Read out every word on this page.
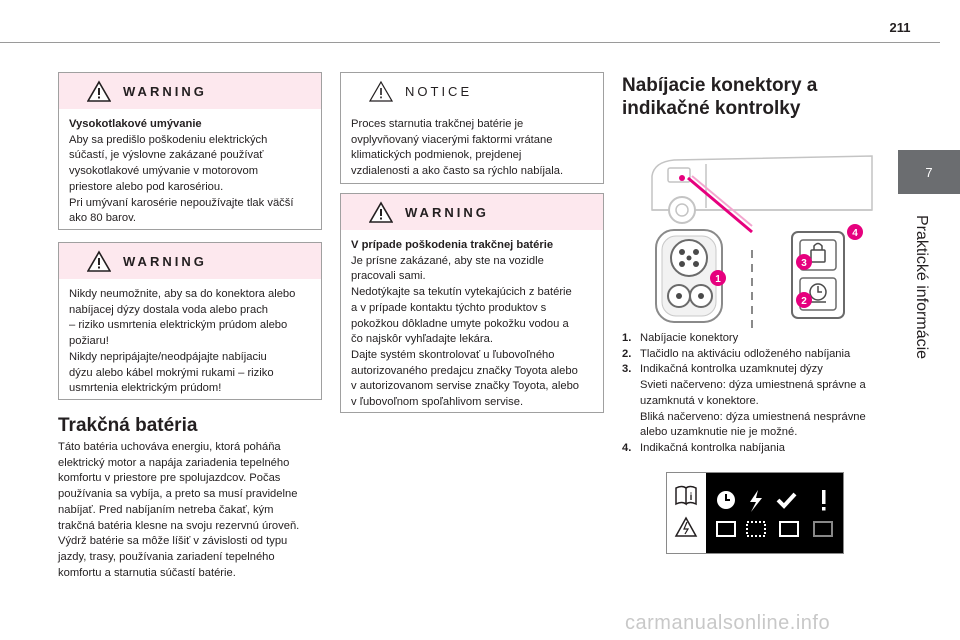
211
7
Praktické informácie
WARNING
Vysokotlakové umývanie
Aby sa predišlo poškodeniu elektrických
súčastí, je výslovne zakázané používať
vysokotlakové umývanie v motorovom
priestore alebo pod karosériou.
Pri umývaní karosérie nepoužívajte tlak väčší
ako 80 barov.
WARNING
Nikdy neumožnite, aby sa do konektora alebo
nabíjacej dýzy dostala voda alebo prach
– riziko usmrtenia elektrickým prúdom alebo
požiaru!
Nikdy nepripájajte/neodpájajte nabíjaciu
dýzu alebo kábel mokrými rukami – riziko
usmrtenia elektrickým prúdom!
Trakčná batéria
Táto batéria uchováva energiu, ktorá poháňa
elektrický motor a napája zariadenia tepelného
komfortu v priestore pre spolujazdcov. Počas
používania sa vybíja, a preto sa musí pravidelne
nabíjať. Pred nabíjaním netreba čakať, kým
trakčná batéria klesne na svoju rezervnú úroveň.
Výdrž batérie sa môže líšiť v závislosti od typu
jazdy, trasy, používania zariadení tepelného
komfortu a starnutia súčastí batérie.
NOTICE
Proces starnutia trakčnej batérie je
ovplyvňovaný viacerými faktormi vrátane
klimatických podmienok, prejdenej
vzdialenosti a ako často sa rýchlo nabíjala.
WARNING
V prípade poškodenia trakčnej batérie
Je prísne zakázané, aby ste na vozidle
pracovali sami.
Nedotýkajte sa tekutín vytekajúcich z batérie
a v prípade kontaktu týchto produktov s
pokožkou dôkladne umyte pokožku vodou a
čo najskôr vyhľadajte lekára.
Dajte systém skontrolovať u ľubovoľného
autorizovaného predajcu značky Toyota alebo
v autorizovanom servise značky Toyota, alebo
v ľubovoľnom spoľahlivom servise.
Nabíjacie konektory a
indikačné kontrolky
1
2
3
4
1. Nabíjacie konektory
2. Tlačidlo na aktiváciu odloženého nabíjania
3. Indikačná kontrolka uzamknutej dýzy
Svieti načerveno: dýza umiestnená správne a
uzamknutá v konektore.
Bliká načerveno: dýza umiestnená nesprávne
alebo uzamknutie nie je možné.
4. Indikačná kontrolka nabíjania
i
carmanualsonline.info
